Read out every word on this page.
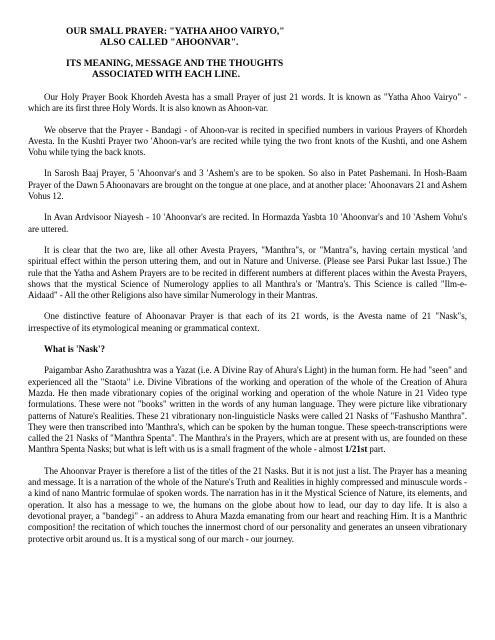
OUR SMALL PRAYER: "YATHA AHOO VAIRYO,"
ALSO CALLED "AHOONVAR".
ITS MEANING, MESSAGE AND THE THOUGHTS
ASSOCIATED WITH EACH LINE.

Our Holy Prayer Book Khordeh Avesta has a small Prayer of just 21 words. It is known as "Yatha Ahoo Vairyo" - which are its first three Holy Words. It is also known as Ahoon-var.

We observe that the Prayer - Bandagi - of Ahoon-var is recited in specified numbers in various Prayers of Khordeh Avesta. In the Kushti Prayer two 'Ahoon-var's are recited while tying the two front knots of the Kushti, and one Ashem Vohu while tying the back knots.

In Sarosh Baaj Prayer, 5 'Ahoonvar's and 3 'Ashem's are to be spoken. So also in Patet Pashemani. In Hosh-Baam Prayer of the Dawn 5 Ahoonavars are brought on the tongue at one place, and at another place: 'Ahoonavars 21 and Ashem Vohus 12.

In Avan Ardvisoor Niayesh - 10 'Ahoonvar's are recited. In Hormazda Yasbta 10 'Ahoonvar's and 10 'Ashem Vohu's are uttered.

It is clear that the two are, like all other Avesta Prayers, "Manthra"s, or "Mantra"s, having certain mystical 'and spiritual effect within the person uttering them, and out in Nature and Universe. (Please see Parsi Pukar last Issue.) The rule that the Yatha and Ashem Prayers are to be recited in different numbers at different places within the Avesta Prayers, shows that the mystical Science of Numerology applies to all Manthra's or 'Mantra's. This Science is called "Ilm-e-Aidaad" - All the other Religions also have similar Numerology in their Mantras.

One distinctive feature of Ahoonavar Prayer is that each of its 21 words, is the Avesta name of 21 "Nask"s, irrespective of its etymological meaning or grammatical context.

What is 'Nask'?

Paigambar Asho Zarathushtra was a Yazat (i.e. A Divine Ray of Ahura's Light) in the human form. He had "seen" and experienced all the "Staota" i.e. Divine Vibrations of the working and operation of the whole of the Creation of Ahura Mazda. He then made vibrationary copies of the original working and operation of the whole Nature in 21 Video type formulations. These were not "books" written in the words of any human language. They were picture like vibrationary patterns of Nature's Realities. These 21 vibrationary non-linguisticle Nasks were called 21 Nasks of "Fashusho Manthra". They were then transcribed into 'Manthra's, which can be spoken by the human tongue. These speech-transcriptions were called the 21 Nasks of "Manthra Spenta". The Manthra's in the Prayers, which are at present with us, are founded on these Manthra Spenta Nasks; but what is left with us is a small fragment of the whole - almost 1/21st part.

The Ahoonvar Prayer is therefore a list of the titles of the 21 Nasks. But it is not just a list. The Prayer has a meaning and message. It is a narration of the whole of the Nature's Truth and Realities in highly compressed and minuscule words - a kind of nano Mantric formulae of spoken words. The narration has in it the Mystical Science of Nature, its elements, and operation. It also has a message to we, the humans on the globe about how to lead, our day to day life. It is also a devotional prayer, a "bandegi" - an address to Ahura Mazda emanating from our heart and reaching Him. It is a Manthric composition! the recitation of which touches the innermost chord of our personality and generates an unseen vibrationary protective orbit around us. It is a mystical song of our march - our journey.
